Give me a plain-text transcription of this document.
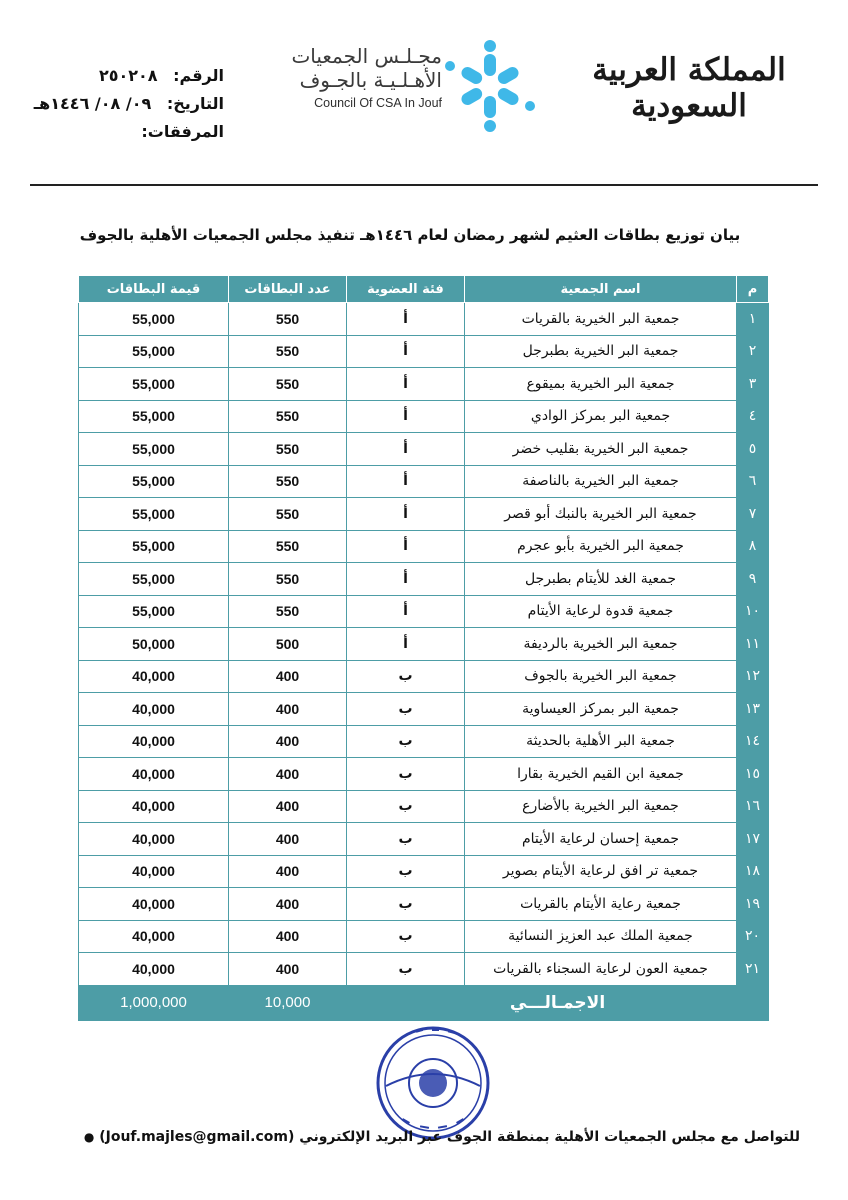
الرقم: ٢٥٠٢٠٨
التاريخ: ٠٩/ ٠٨/ ١٤٤٦هـ
المرفقات:
مجـلـس الجمعيات
الأهـلـيـة بالجـوف
Council Of CSA In Jouf
المملكة العربية السعودية
بيان توزيع بطاقات العثيم لشهر رمضان لعام ١٤٤٦هـ تنفيذ مجلس الجمعيات الأهلية بالجوف
م	اسم الجمعية	فئة العضوية	عدد البطاقات	قيمة البطاقات
١	جمعية البر الخيرية بالقريات	أ	550	55,000
٢	جمعية البر الخيرية بطبرجل	أ	550	55,000
٣	جمعية البر الخيرية بميقوع	أ	550	55,000
٤	جمعية البر بمركز الوادي	أ	550	55,000
٥	جمعية البر الخيرية بقليب خضر	أ	550	55,000
٦	جمعية البر الخيرية بالناصفة	أ	550	55,000
٧	جمعية البر الخيرية بالنبك أبو قصر	أ	550	55,000
٨	جمعية البر الخيرية بأبو عجرم	أ	550	55,000
٩	جمعية الغد للأيتام بطبرجل	أ	550	55,000
١٠	جمعية قدوة لرعاية الأيتام	أ	550	55,000
١١	جمعية البر الخيرية بالرديفة	أ	500	50,000
١٢	جمعية البر الخيرية بالجوف	ب	400	40,000
١٣	جمعية البر بمركز العيساوية	ب	400	40,000
١٤	جمعية البر الأهلية بالحديثة	ب	400	40,000
١٥	جمعية ابن القيم الخيرية بقارا	ب	400	40,000
١٦	جمعية البر الخيرية بالأضارع	ب	400	40,000
١٧	جمعية إحسان لرعاية الأيتام	ب	400	40,000
١٨	جمعية تر افق لرعاية الأيتام بصوير	ب	400	40,000
١٩	جمعية رعاية الأيتام بالقريات	ب	400	40,000
٢٠	جمعية الملك عبد العزيز النسائية	ب	400	40,000
٢١	جمعية العون لرعاية السجناء بالقريات	ب	400	40,000
الاجمـالـــي			10,000	1,000,000
للتواصل مع مجلس الجمعيات الأهلية بمنطقة الجوف عبر البريد الإلكتروني (Jouf.majles@gmail.com) ●
